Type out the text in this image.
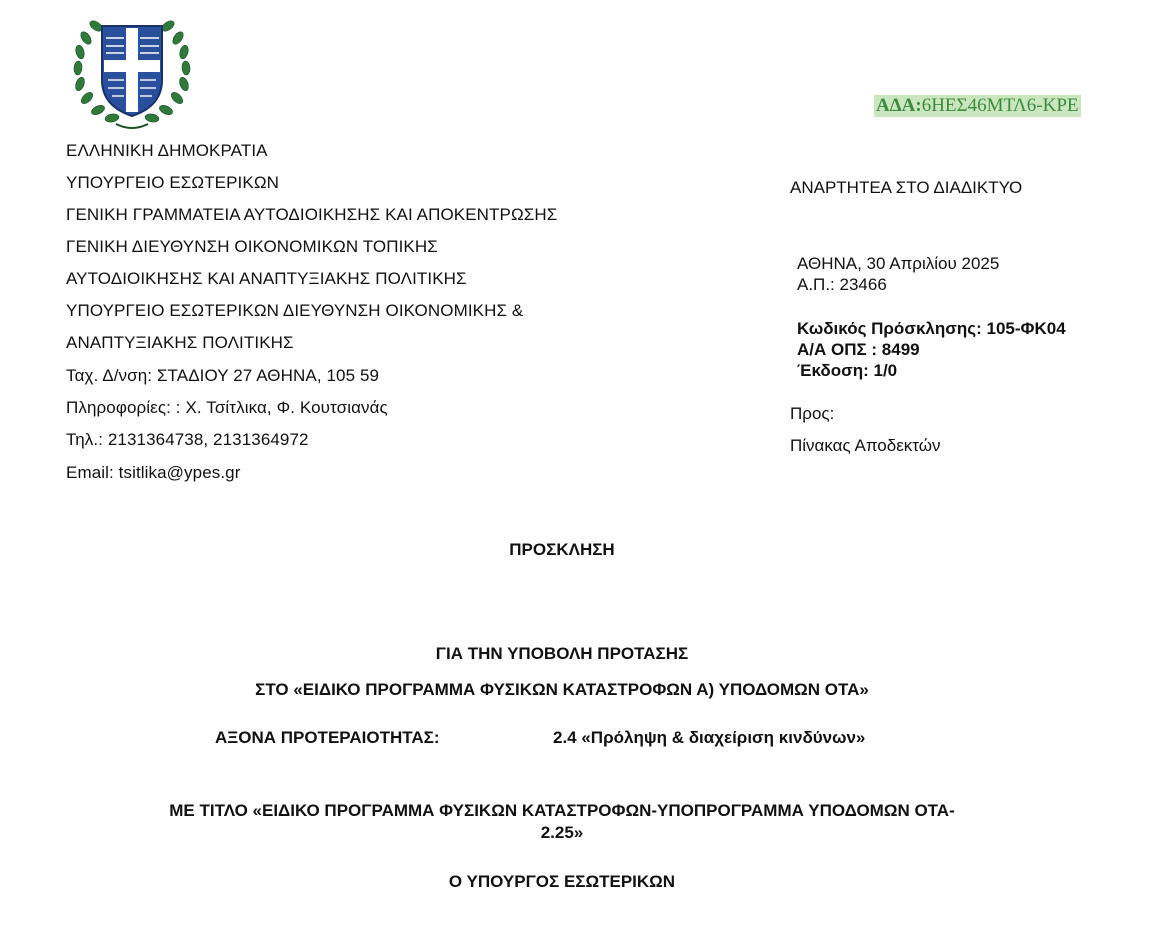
ΑΔΑ:6ΗΕΣ46ΜΤΛ6-ΚΡΕ
ΕΛΛΗΝΙΚΗ ΔΗΜΟΚΡΑΤΙΑ
ΥΠΟΥΡΓΕΙΟ ΕΣΩΤΕΡΙΚΩΝ
ΓΕΝΙΚΗ ΓΡΑΜΜΑΤΕΙΑ ΑΥΤΟΔΙΟΙΚΗΣΗΣ ΚΑΙ ΑΠΟΚΕΝΤΡΩΣΗΣ
ΓΕΝΙΚΗ ΔΙΕΥΘΥΝΣΗ ΟΙΚΟΝΟΜΙΚΩΝ ΤΟΠΙΚΗΣ
ΑΥΤΟΔΙΟΙΚΗΣΗΣ ΚΑΙ ΑΝΑΠΤΥΞΙΑΚΗΣ ΠΟΛΙΤΙΚΗΣ
ΥΠΟΥΡΓΕΙΟ ΕΣΩΤΕΡΙΚΩΝ ΔΙΕΥΘΥΝΣΗ ΟΙΚΟΝΟΜΙΚΗΣ &
ΑΝΑΠΤΥΞΙΑΚΗΣ ΠΟΛΙΤΙΚΗΣ
Ταχ. Δ/νση: ΣΤΑΔΙΟΥ 27 ΑΘΗΝΑ, 105 59
Πληροφορίες: : Χ. Τσίτλικα, Φ. Κουτσιανάς
Τηλ.: 2131364738, 2131364972
Email: tsitlika@ypes.gr
ΑΝΑΡΤΗΤΕΑ ΣΤΟ ΔΙΑΔΙΚΤΥΟ
ΑΘΗΝΑ, 30 Απριλίου 2025
Α.Π.: 23466
Κωδικός Πρόσκλησης: 105-ΦΚ04
Α/Α ΟΠΣ : 8499
Έκδοση: 1/0
Προς:
Πίνακας Αποδεκτών
ΠΡΟΣΚΛΗΣΗ
ΓΙΑ ΤΗΝ ΥΠΟΒΟΛΗ ΠΡΟΤΑΣΗΣ
ΣΤΟ «ΕΙΔΙΚΟ ΠΡΟΓΡΑΜΜΑ ΦΥΣΙΚΩΝ ΚΑΤΑΣΤΡΟΦΩΝ Α) ΥΠΟΔΟΜΩΝ ΟΤΑ»
ΑΞΟΝΑ ΠΡΟΤΕΡΑΙΟΤΗΤΑΣ:	2.4 «Πρόληψη & διαχείριση κινδύνων»
ΜΕ ΤΙΤΛΟ «ΕΙΔΙΚΟ ΠΡΟΓΡΑΜΜΑ ΦΥΣΙΚΩΝ ΚΑΤΑΣΤΡΟΦΩΝ-ΥΠΟΠΡΟΓΡΑΜΜΑ ΥΠΟΔΟΜΩΝ ΟΤΑ-
2.25»
Ο ΥΠΟΥΡΓΟΣ ΕΣΩΤΕΡΙΚΩΝ
